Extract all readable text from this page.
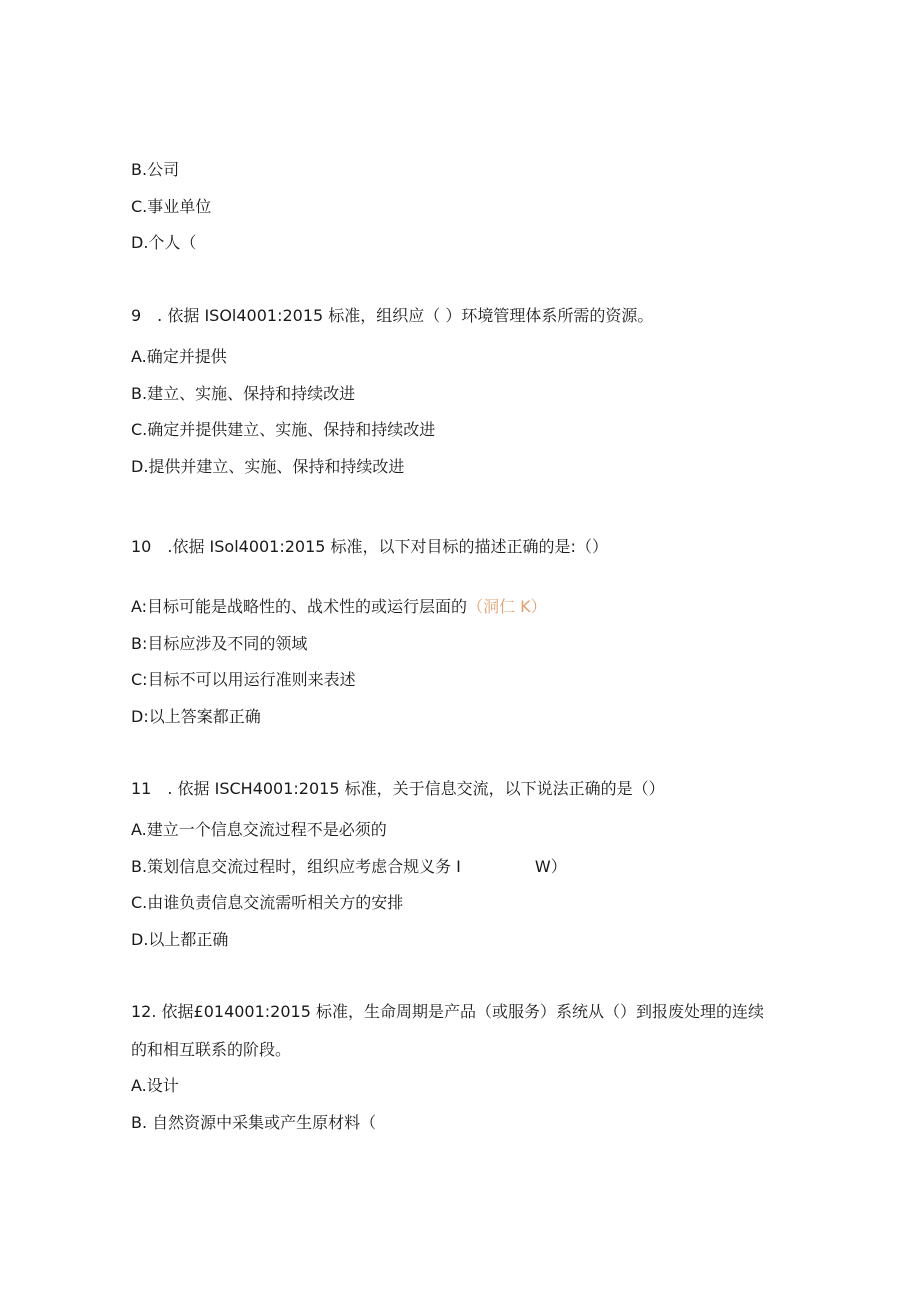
B.公司
C.事业单位
D.个人（
9　. 依据 ISOl4001:2015 标准，组织应（ ）环境管理体系所需的资源。
A.确定并提供
B.建立、实施、保持和持续改进
C.确定并提供建立、实施、保持和持续改进
D.提供并建立、实施、保持和持续改进
10　.依据 ISol4001:2015 标准，以下对目标的描述正确的是:（）
A:目标可能是战略性的、战术性的或运行层面的（洞仁 K）
B:目标应涉及不同的领域
C:目标不可以用运行准则来表述
D:以上答案都正确
11　. 依据 ISCH4001:2015 标准，关于信息交流，以下说法正确的是（）
A.建立一个信息交流过程不是必须的
B.策划信息交流过程时，组织应考虑合规义务 I	W）
C.由谁负责信息交流需听相关方的安排
D.以上都正确
12. 依据£014001:2015 标准，生命周期是产品（或服务）系统从（）到报废处理的连续
的和相互联系的阶段。
A.设计
B. 自然资源中采集或产生原材料（
